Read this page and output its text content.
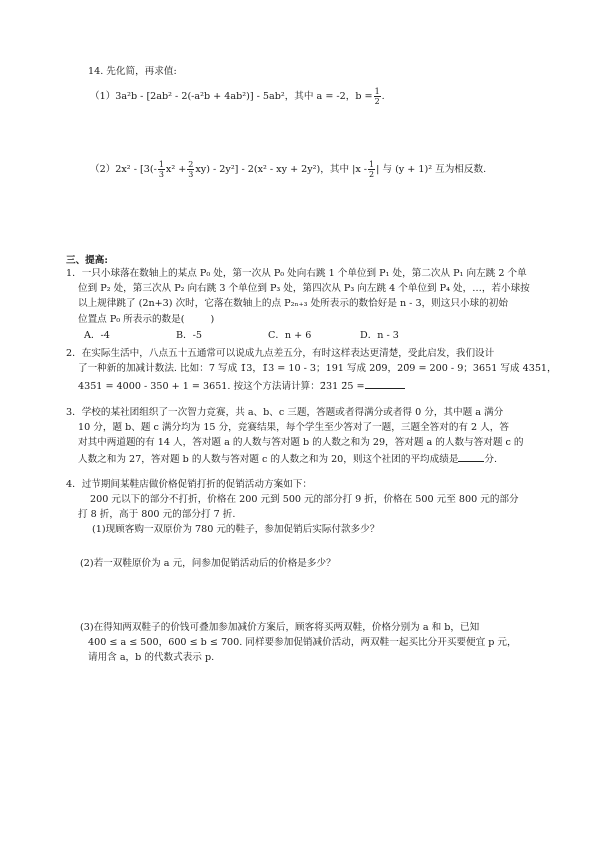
14. 先化简，再求值:
（1）3a²b - [2ab² - 2(-a²b + 4ab²)] - 5ab²，其中 a = -2，$b = \frac{1}{2}$ .
$(2)2x^2 - [3(- \frac{1}{3} x^2 + \frac{2}{3} xy) - 2y^2] - 2(x^2$ - xy + 2y²)，其中 $|x - \frac{1}{2}$ | 与 (y + 1)² 互为相反数.
三、提高:
1．一只小球落在数轴上的某点 P₀ 处，第一次从 P₀ 处向右跳 1 个单位到 P₁ 处，第二次从 P₁ 向左跳 2 个单
位到 P₂ 处，第三次从 P₂ 向右跳 3 个单位到 P₃ 处，第四次从 P₃ 向左跳 4 个单位到 P₄ 处，…，若小球按
以上规律跳了 (2n+3) 次时，它落在数轴上的点 P₂ₙ₊₃ 处所表示的数恰好是 n - 3，则这只小球的初始
位置点 P₀ 所表示的数是(	)
A．-4	B．-5	C．n + 6	D．n - 3
2．在实际生活中，八点五十五通常可以说成九点差五分，有时这样表达更清楚，受此启发，我们设计
了一种新的加减计数法. 比如：7 写成 1̄3，1̄3 = 10 - 3；191 写成 20̄9，20̄9 = 200 - 9；3651 写成 435̄1，
435̄1 = 4000 - 350 + 1 = 3651. 按这个方法请计算：2̄31 2̄5 =
3．学校的某社团组织了一次智力竞赛，共 a、b、c 三题，答题或者得满分或者得 0 分，其中题 a 满分
10 分，题 b、题 c 满分均为 15 分，竞赛结果，每个学生至少答对了一题，三题全答对的有 2 人，答
对其中两道题的有 14 人，答对题 a 的人数与答对题 b 的人数之和为 29，答对题 a 的人数与答对题 c 的
人数之和为 27，答对题 b 的人数与答对题 c 的人数之和为 20，则这个社团的平均成绩是	分.
4．过节期间某鞋店做价格促销打折的促销活动方案如下：
200 元以下的部分不打折，价格在 200 元到 500 元的部分打 9 折，价格在 500 元至 800 元的部分
打 8 折，高于 800 元的部分打 7 折.
(1)现顾客购一双原价为 780 元的鞋子，参加促销后实际付款多少？
(2)若一双鞋原价为 a 元，问参加促销活动后的价格是多少？
(3)在得知两双鞋子的价钱可叠加参加减价方案后，顾客将买两双鞋，价格分别为 a 和 b，已知
400 ≤ a ≤ 500，600 ≤ b ≤ 700. 同样要参加促销减价活动，两双鞋一起买比分开买要便宜 p 元，
请用含 a，b 的代数式表示 p.
